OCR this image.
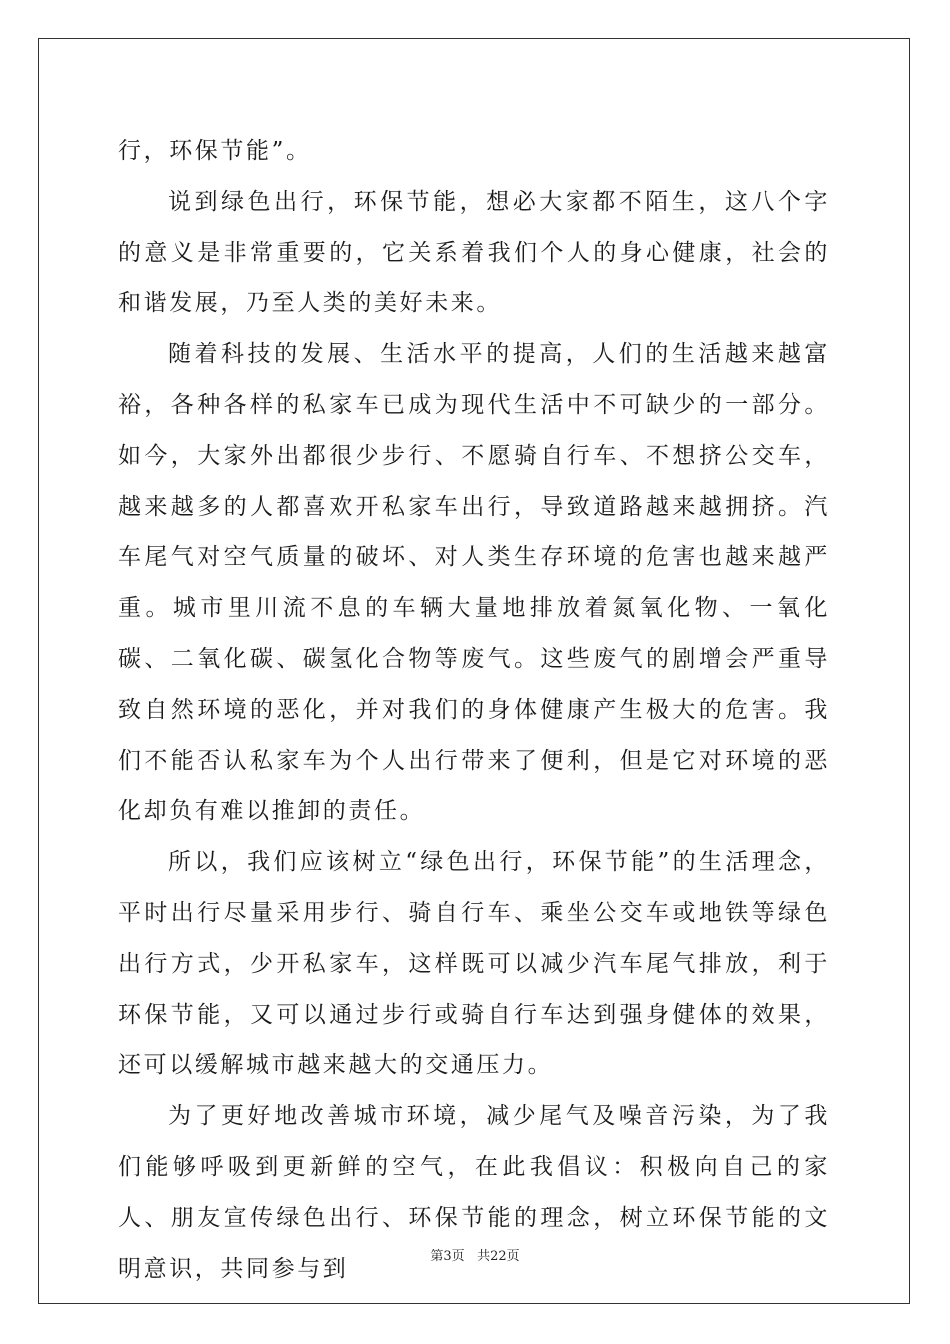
行，环保节能”。

说到绿色出行，环保节能，想必大家都不陌生，这八个字的意义是非常重要的，它关系着我们个人的身心健康，社会的和谐发展，乃至人类的美好未来。

随着科技的发展、生活水平的提高，人们的生活越来越富裕，各种各样的私家车已成为现代生活中不可缺少的一部分。如今，大家外出都很少步行、不愿骑自行车、不想挤公交车，越来越多的人都喜欢开私家车出行，导致道路越来越拥挤。汽车尾气对空气质量的破坏、对人类生存环境的危害也越来越严重。城市里川流不息的车辆大量地排放着氮氧化物、一氧化碳、二氧化碳、碳氢化合物等废气。这些废气的剧增会严重导致自然环境的恶化，并对我们的身体健康产生极大的危害。我们不能否认私家车为个人出行带来了便利，但是它对环境的恶化却负有难以推卸的责任。

所以，我们应该树立“绿色出行，环保节能”的生活理念，平时出行尽量采用步行、骑自行车、乘坐公交车或地铁等绿色出行方式，少开私家车，这样既可以减少汽车尾气排放，利于环保节能，又可以通过步行或骑自行车达到强身健体的效果，还可以缓解城市越来越大的交通压力。

为了更好地改善城市环境，减少尾气及噪音污染，为了我们能够呼吸到更新鲜的空气，在此我倡议：积极向自己的家人、朋友宣传绿色出行、环保节能的理念，树立环保节能的文明意识，共同参与到	第3页 共22页
